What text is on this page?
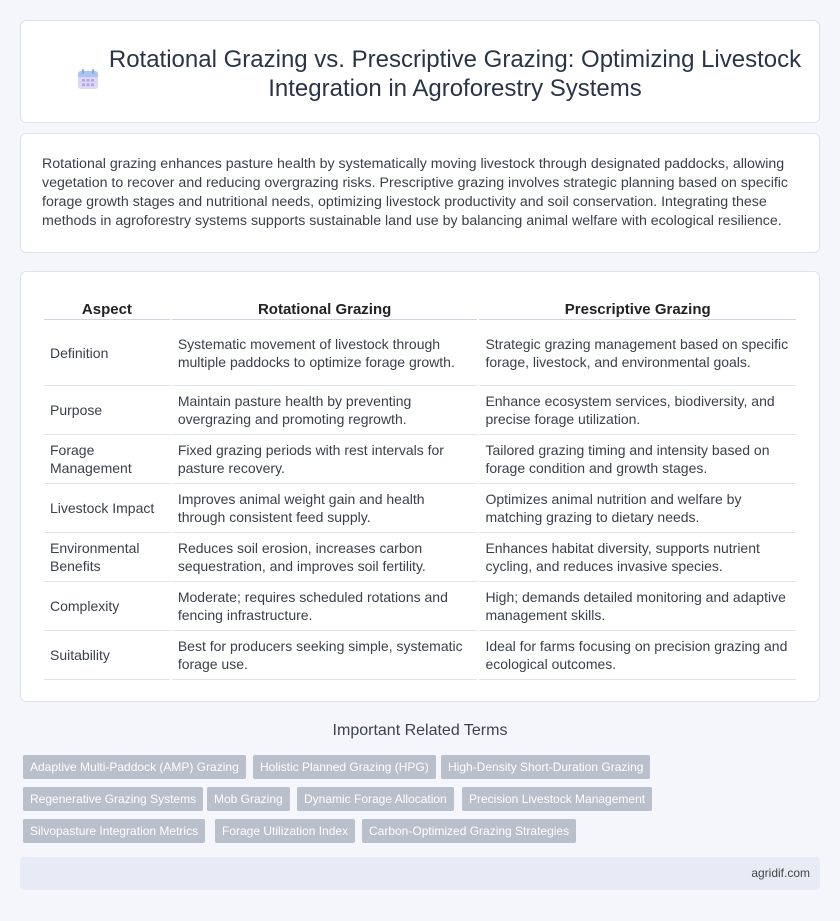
Rotational Grazing vs. Prescriptive Grazing: Optimizing Livestock Integration in Agroforestry Systems

Rotational grazing enhances pasture health by systematically moving livestock through designated paddocks, allowing vegetation to recover and reducing overgrazing risks. Prescriptive grazing involves strategic planning based on specific forage growth stages and nutritional needs, optimizing livestock productivity and soil conservation. Integrating these methods in agroforestry systems supports sustainable land use by balancing animal welfare with ecological resilience.

Aspect	Rotational Grazing	Prescriptive Grazing
Definition	Systematic movement of livestock through multiple paddocks to optimize forage growth.	Strategic grazing management based on specific forage, livestock, and environmental goals.
Purpose	Maintain pasture health by preventing overgrazing and promoting regrowth.	Enhance ecosystem services, biodiversity, and precise forage utilization.
Forage Management	Fixed grazing periods with rest intervals for pasture recovery.	Tailored grazing timing and intensity based on forage condition and growth stages.
Livestock Impact	Improves animal weight gain and health through consistent feed supply.	Optimizes animal nutrition and welfare by matching grazing to dietary needs.
Environmental Benefits	Reduces soil erosion, increases carbon sequestration, and improves soil fertility.	Enhances habitat diversity, supports nutrient cycling, and reduces invasive species.
Complexity	Moderate; requires scheduled rotations and fencing infrastructure.	High; demands detailed monitoring and adaptive management skills.
Suitability	Best for producers seeking simple, systematic forage use.	Ideal for farms focusing on precision grazing and ecological outcomes.
Important Related Terms
Adaptive Multi-Paddock (AMP) Grazing	Holistic Planned Grazing (HPG)	High-Density Short-Duration Grazing
Regenerative Grazing Systems	Mob Grazing	Dynamic Forage Allocation	Precision Livestock Management
Silvopasture Integration Metrics	Forage Utilization Index	Carbon-Optimized Grazing Strategies
agridif.com
